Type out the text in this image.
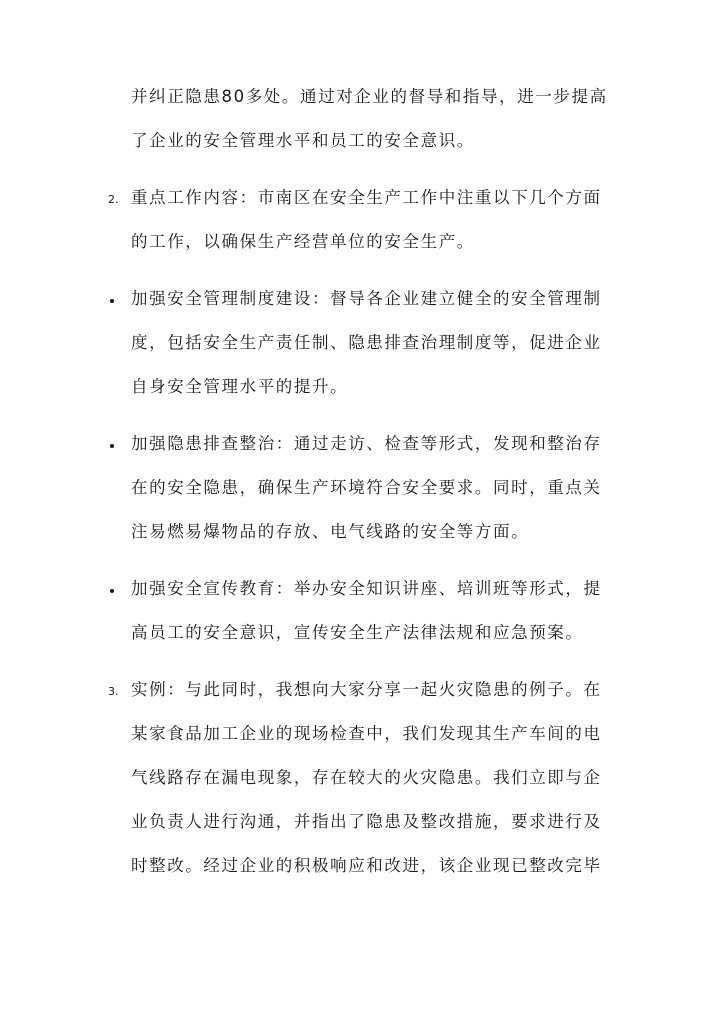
并纠正隐患80多处。通过对企业的督导和指导，进一步提高
了企业的安全管理水平和员工的安全意识。
2. 重点工作内容：市南区在安全生产工作中注重以下几个方面
的工作，以确保生产经营单位的安全生产。
加强安全管理制度建设：督导各企业建立健全的安全管理制
度，包括安全生产责任制、隐患排查治理制度等，促进企业
自身安全管理水平的提升。
加强隐患排查整治：通过走访、检查等形式，发现和整治存
在的安全隐患，确保生产环境符合安全要求。同时，重点关
注易燃易爆物品的存放、电气线路的安全等方面。
加强安全宣传教育：举办安全知识讲座、培训班等形式，提
高员工的安全意识，宣传安全生产法律法规和应急预案。
3. 实例：与此同时，我想向大家分享一起火灾隐患的例子。在
某家食品加工企业的现场检查中，我们发现其生产车间的电
气线路存在漏电现象，存在较大的火灾隐患。我们立即与企
业负责人进行沟通，并指出了隐患及整改措施，要求进行及
时整改。经过企业的积极响应和改进，该企业现已整改完毕
